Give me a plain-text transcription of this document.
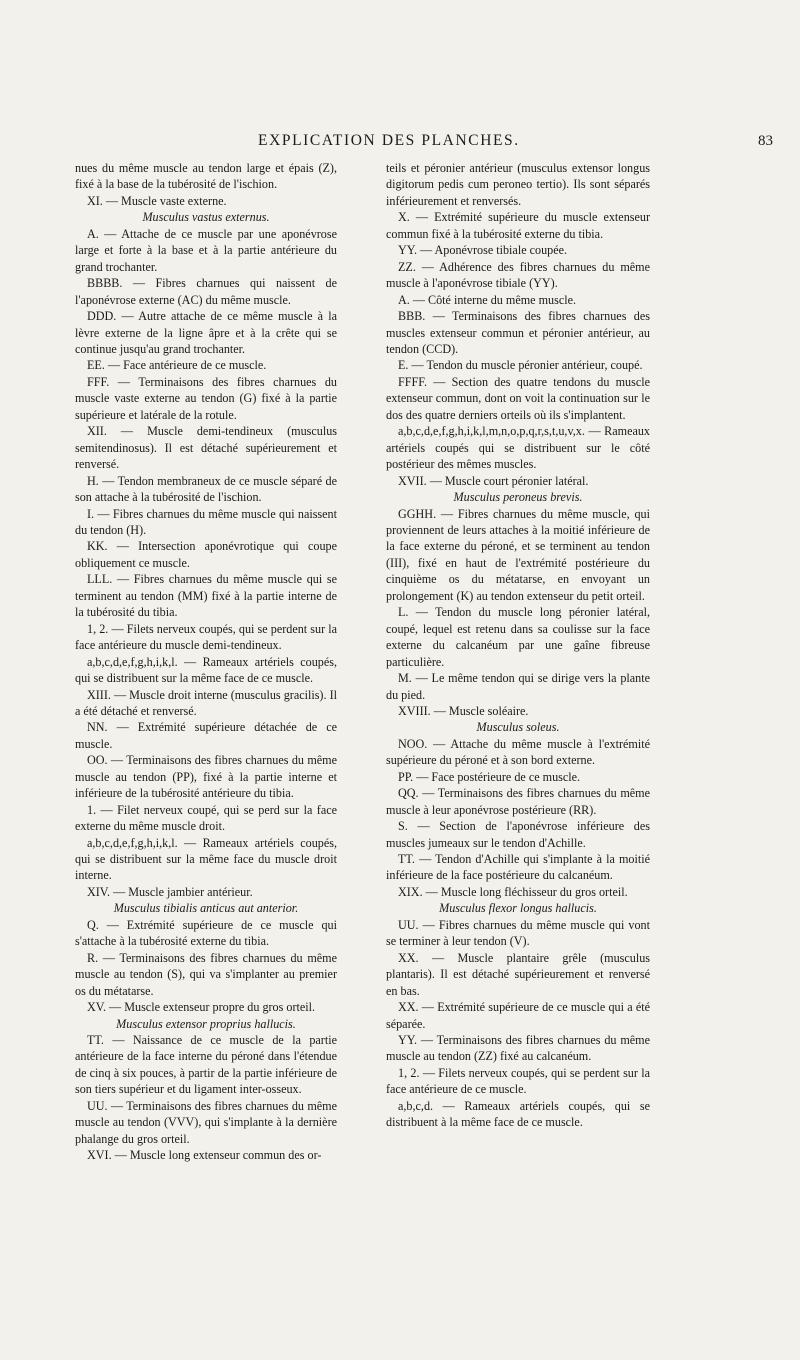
EXPLICATION DES PLANCHES.	83

nues du même muscle au tendon large et épais (Z), fixé à la base de la tubérosité de l'ischion.

XI. — Muscle vaste externe.

Musculus vastus externus.

A. — Attache de ce muscle par une aponévrose large et forte à la base et à la partie antérieure du grand trochanter.

BBBB. — Fibres charnues qui naissent de l'aponévrose externe (AC) du même muscle.

DDD. — Autre attache de ce même muscle à la lèvre externe de la ligne âpre et à la crête qui se continue jusqu'au grand trochanter.

EE. — Face antérieure de ce muscle.

FFF. — Terminaisons des fibres charnues du muscle vaste externe au tendon (G) fixé à la partie supérieure et latérale de la rotule.

XII. — Muscle demi-tendineux (musculus semitendinosus). Il est détaché supérieurement et renversé.

H. — Tendon membraneux de ce muscle séparé de son attache à la tubérosité de l'ischion.

I. — Fibres charnues du même muscle qui naissent du tendon (H).

KK. — Intersection aponévrotique qui coupe obliquement ce muscle.

LLL. — Fibres charnues du même muscle qui se terminent au tendon (MM) fixé à la partie interne de la tubérosité du tibia.

1, 2. — Filets nerveux coupés, qui se perdent sur la face antérieure du muscle demi-tendineux.

a,b,c,d,e,f,g,h,i,k,l. — Rameaux artériels coupés, qui se distribuent sur la même face de ce muscle.

XIII. — Muscle droit interne (musculus gracilis). Il a été détaché et renversé.

NN. — Extrémité supérieure détachée de ce muscle.

OO. — Terminaisons des fibres charnues du même muscle au tendon (PP), fixé à la partie interne et inférieure de la tubérosité antérieure du tibia.

1. — Filet nerveux coupé, qui se perd sur la face externe du même muscle droit.

a,b,c,d,e,f,g,h,i,k,l. — Rameaux artériels coupés, qui se distribuent sur la même face du muscle droit interne.

XIV. — Muscle jambier antérieur.

Musculus tibialis anticus aut anterior.

Q. — Extrémité supérieure de ce muscle qui s'attache à la tubérosité externe du tibia.

R. — Terminaisons des fibres charnues du même muscle au tendon (S), qui va s'implanter au premier os du métatarse.

XV. — Muscle extenseur propre du gros orteil.

Musculus extensor proprius hallucis.

TT. — Naissance de ce muscle de la partie antérieure de la face interne du péroné dans l'étendue de cinq à six pouces, à partir de la partie inférieure de son tiers supérieur et du ligament inter-osseux.

UU. — Terminaisons des fibres charnues du même muscle au tendon (VVV), qui s'implante à la dernière phalange du gros orteil.

XVI. — Muscle long extenseur commun des or-

teils et péronier antérieur (musculus extensor longus digitorum pedis cum peroneo tertio). Ils sont séparés inférieurement et renversés.

X. — Extrémité supérieure du muscle extenseur commun fixé à la tubérosité externe du tibia.

YY. — Aponévrose tibiale coupée.

ZZ. — Adhérence des fibres charnues du même muscle à l'aponévrose tibiale (YY).

A. — Côté interne du même muscle.

BBB. — Terminaisons des fibres charnues des muscles extenseur commun et péronier antérieur, au tendon (CCD).

E. — Tendon du muscle péronier antérieur, coupé.

FFFF. — Section des quatre tendons du muscle extenseur commun, dont on voit la continuation sur le dos des quatre derniers orteils où ils s'implantent.

a,b,c,d,e,f,g,h,i,k,l,m,n,o,p,q,r,s,t,u,v,x. — Rameaux artériels coupés qui se distribuent sur le côté postérieur des mêmes muscles.

XVII. — Muscle court péronier latéral.

Musculus peroneus brevis.

GGHH. — Fibres charnues du même muscle, qui proviennent de leurs attaches à la moitié inférieure de la face externe du péroné, et se terminent au tendon (III), fixé en haut de l'extrémité postérieure du cinquième os du métatarse, en envoyant un prolongement (K) au tendon extenseur du petit orteil.

L. — Tendon du muscle long péronier latéral, coupé, lequel est retenu dans sa coulisse sur la face externe du calcanéum par une gaîne fibreuse particulière.

M. — Le même tendon qui se dirige vers la plante du pied.

XVIII. — Muscle soléaire.

Musculus soleus.

NOO. — Attache du même muscle à l'extrémité supérieure du péroné et à son bord externe.

PP. — Face postérieure de ce muscle.

QQ. — Terminaisons des fibres charnues du même muscle à leur aponévrose postérieure (RR).

S. — Section de l'aponévrose inférieure des muscles jumeaux sur le tendon d'Achille.

TT. — Tendon d'Achille qui s'implante à la moitié inférieure de la face postérieure du calcanéum.

XIX. — Muscle long fléchisseur du gros orteil.

Musculus flexor longus hallucis.

UU. — Fibres charnues du même muscle qui vont se terminer à leur tendon (V).

XX. — Muscle plantaire grêle (musculus plantaris). Il est détaché supérieurement et renversé en bas.

XX. — Extrémité supérieure de ce muscle qui a été séparée.

YY. — Terminaisons des fibres charnues du même muscle au tendon (ZZ) fixé au calcanéum.

1, 2. — Filets nerveux coupés, qui se perdent sur la face antérieure de ce muscle.

a,b,c,d. — Rameaux artériels coupés, qui se distribuent à la même face de ce muscle.
